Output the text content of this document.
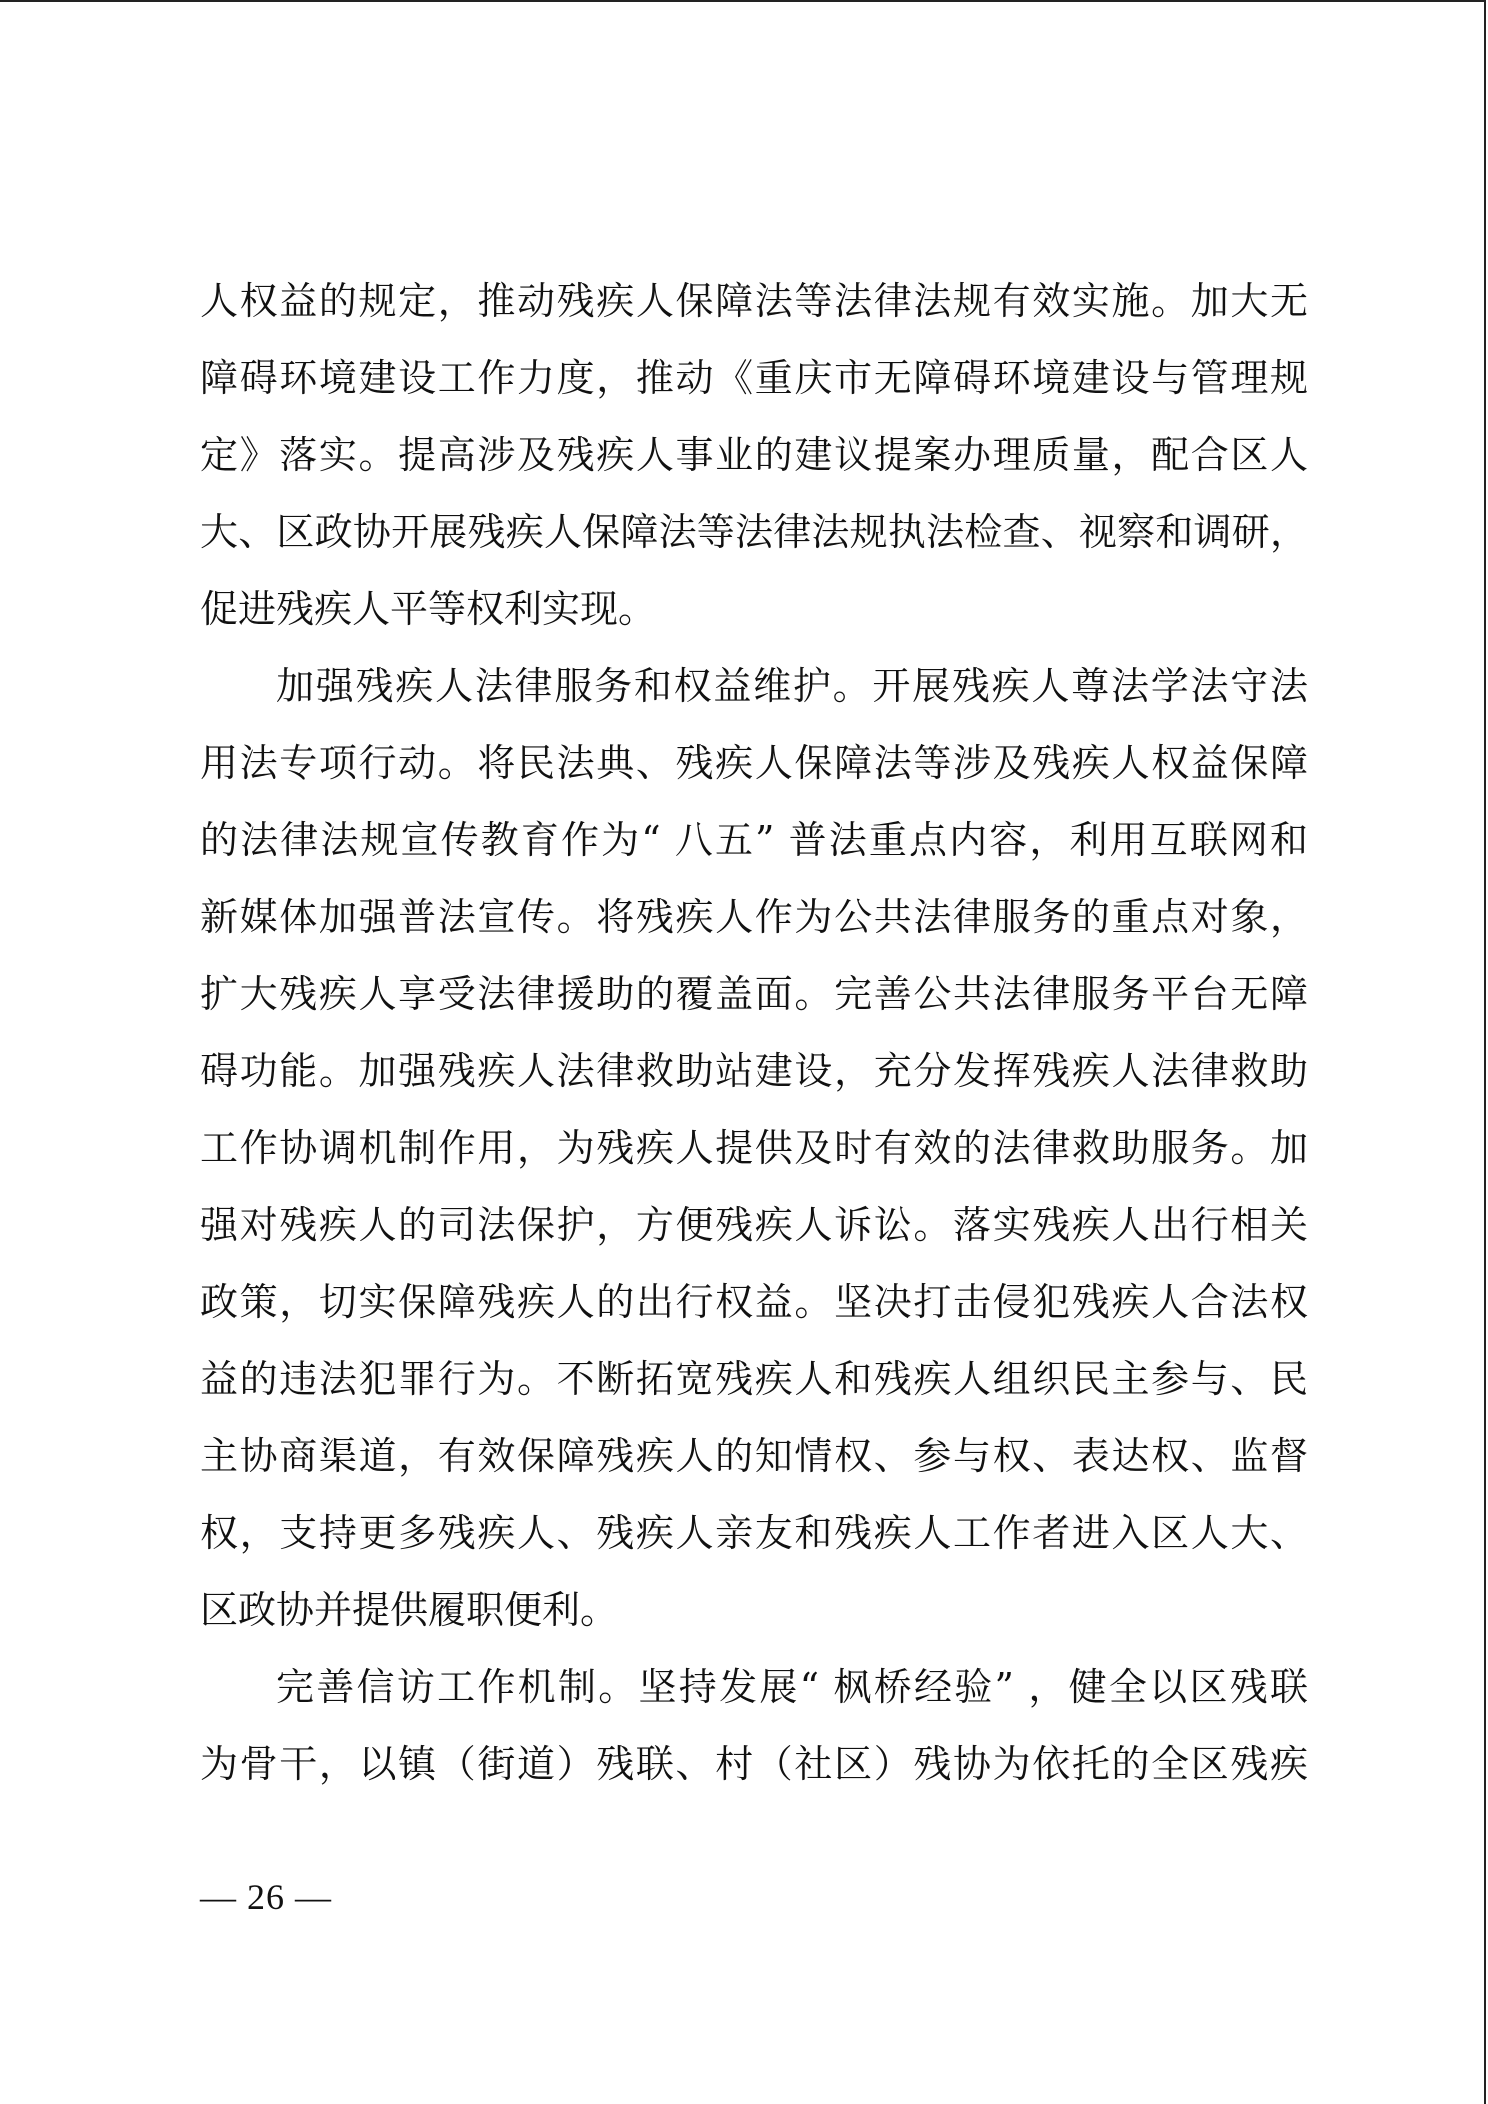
人权益的规定，推动残疾人保障法等法律法规有效实施。加大无
障碍环境建设工作力度，推动《重庆市无障碍环境建设与管理规
定》落实。提高涉及残疾人事业的建议提案办理质量，配合区人
大、区政协开展残疾人保障法等法律法规执法检查、视察和调研，
促进残疾人平等权利实现。
加强残疾人法律服务和权益维护。开展残疾人尊法学法守法
用法专项行动。将民法典、残疾人保障法等涉及残疾人权益保障
的法律法规宣传教育作为“ 八五” 普法重点内容，利用互联网和
新媒体加强普法宣传。将残疾人作为公共法律服务的重点对象，
扩大残疾人享受法律援助的覆盖面。完善公共法律服务平台无障
碍功能。加强残疾人法律救助站建设，充分发挥残疾人法律救助
工作协调机制作用，为残疾人提供及时有效的法律救助服务。加
强对残疾人的司法保护，方便残疾人诉讼。落实残疾人出行相关
政策，切实保障残疾人的出行权益。坚决打击侵犯残疾人合法权
益的违法犯罪行为。不断拓宽残疾人和残疾人组织民主参与、民
主协商渠道，有效保障残疾人的知情权、参与权、表达权、监督
权，支持更多残疾人、残疾人亲友和残疾人工作者进入区人大、
区政协并提供履职便利。
完善信访工作机制。坚持发展“ 枫桥经验” ，健全以区残联
为骨干，以镇（街道）残联、村（社区）残协为依托的全区残疾
— 26 —
